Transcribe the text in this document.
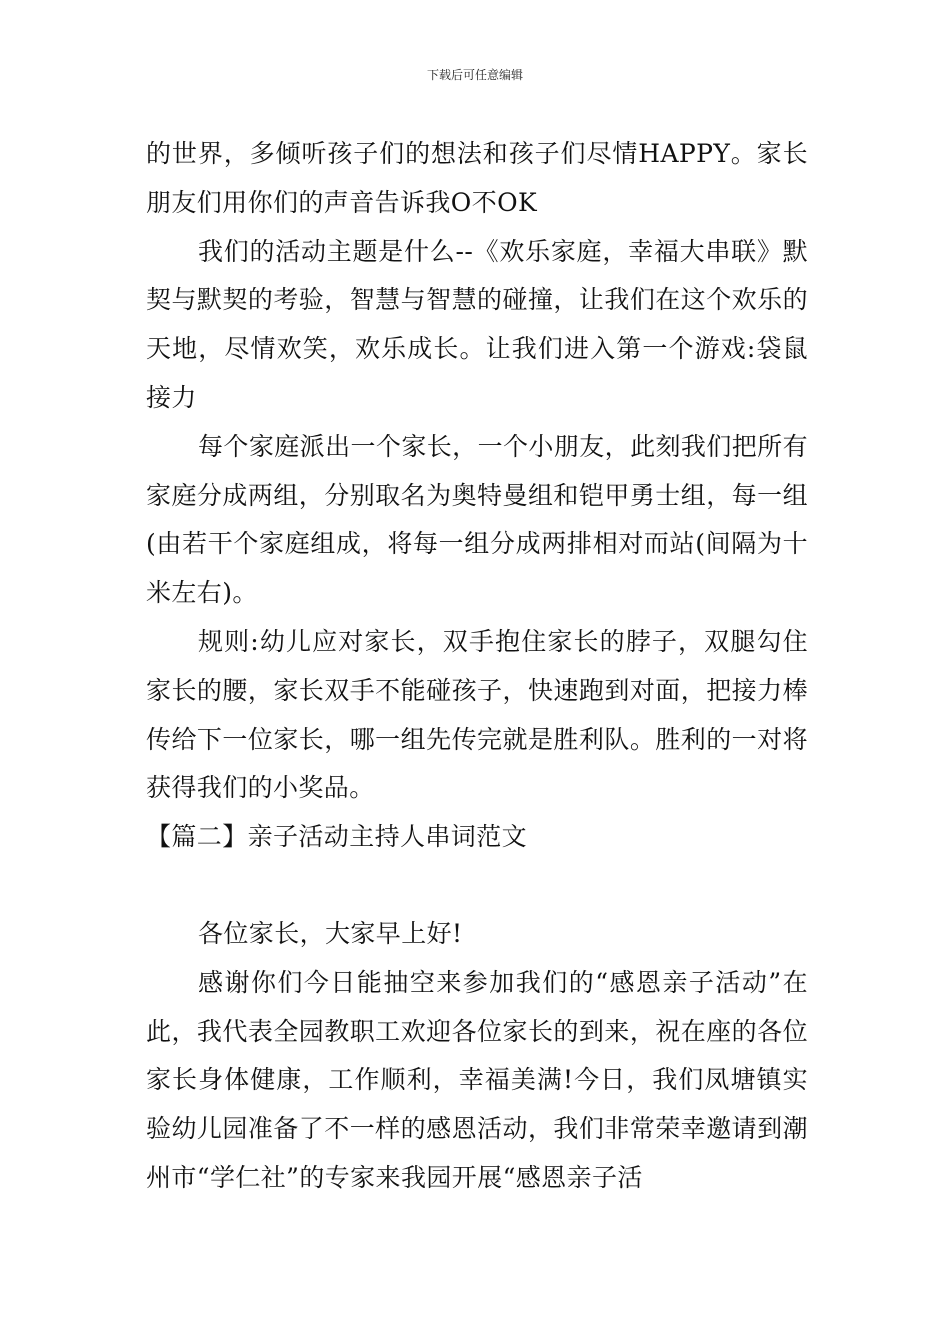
下载后可任意编辑

的世界，多倾听孩子们的想法和孩子们尽情HAPPY。家长朋友们用你们的声音告诉我O不OK

我们的活动主题是什么--《欢乐家庭，幸福大串联》默契与默契的考验，智慧与智慧的碰撞，让我们在这个欢乐的天地，尽情欢笑，欢乐成长。让我们进入第一个游戏:袋鼠接力

每个家庭派出一个家长，一个小朋友，此刻我们把所有家庭分成两组，分别取名为奥特曼组和铠甲勇士组，每一组(由若干个家庭组成，将每一组分成两排相对而站(间隔为十米左右)。

规则:幼儿应对家长，双手抱住家长的脖子，双腿勾住家长的腰，家长双手不能碰孩子，快速跑到对面，把接力棒传给下一位家长，哪一组先传完就是胜利队。胜利的一对将获得我们的小奖品。

【篇二】亲子活动主持人串词范文

各位家长，大家早上好!

感谢你们今日能抽空来参加我们的“感恩亲子活动”在此，我代表全园教职工欢迎各位家长的到来，祝在座的各位家长身体健康，工作顺利，幸福美满!今日，我们凤塘镇实验幼儿园准备了不一样的感恩活动，我们非常荣幸邀请到潮州市“学仁社”的专家来我园开展“感恩亲子活
